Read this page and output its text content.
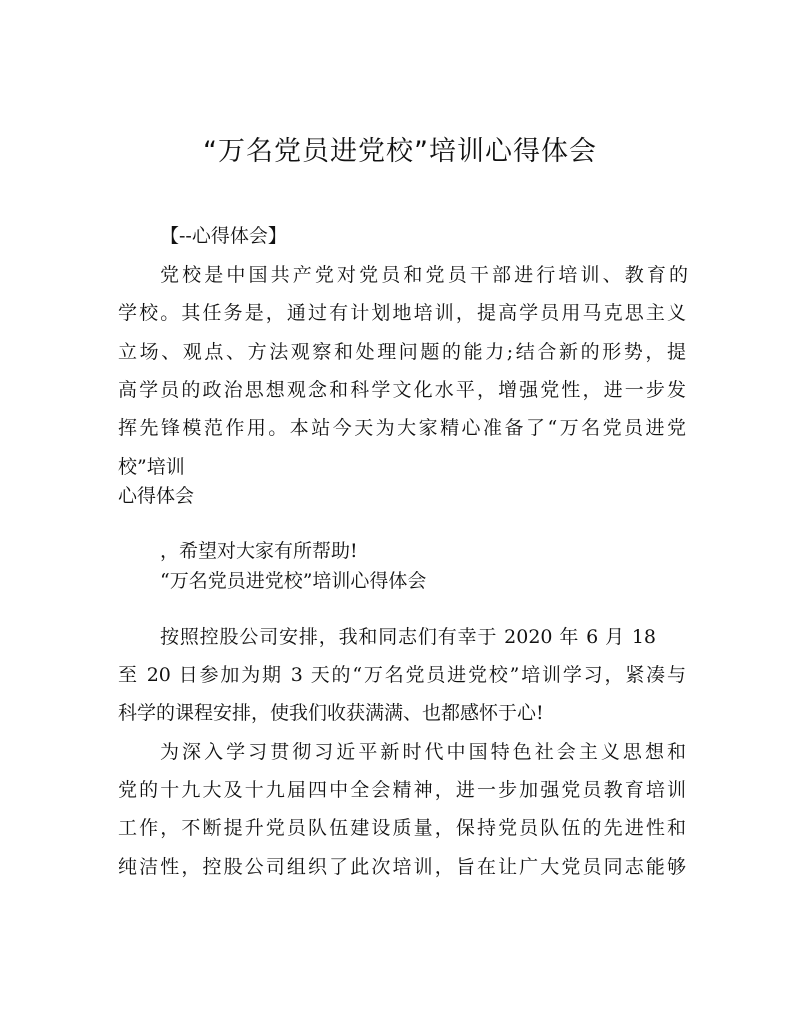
“万名党员进党校”培训心得体会
【--心得体会】
党校是中国共产党对党员和党员干部进行培训、教育的
学校。其任务是，通过有计划地培训，提高学员用马克思主义
立场、观点、方法观察和处理问题的能力;结合新的形势，提
高学员的政治思想观念和科学文化水平，增强党性，进一步发
挥先锋模范作用。本站今天为大家精心准备了“万名党员进党
校”培训
心得体会
，希望对大家有所帮助!
“万名党员进党校”培训心得体会
按照控股公司安排，我和同志们有幸于 2020 年 6 月 18
至 20 日参加为期 3 天的“万名党员进党校”培训学习，紧凑与
科学的课程安排，使我们收获满满、也都感怀于心!
为深入学习贯彻习近平新时代中国特色社会主义思想和
党的十九大及十九届四中全会精神，进一步加强党员教育培训
工作，不断提升党员队伍建设质量，保持党员队伍的先进性和
纯洁性，控股公司组织了此次培训，旨在让广大党员同志能够
